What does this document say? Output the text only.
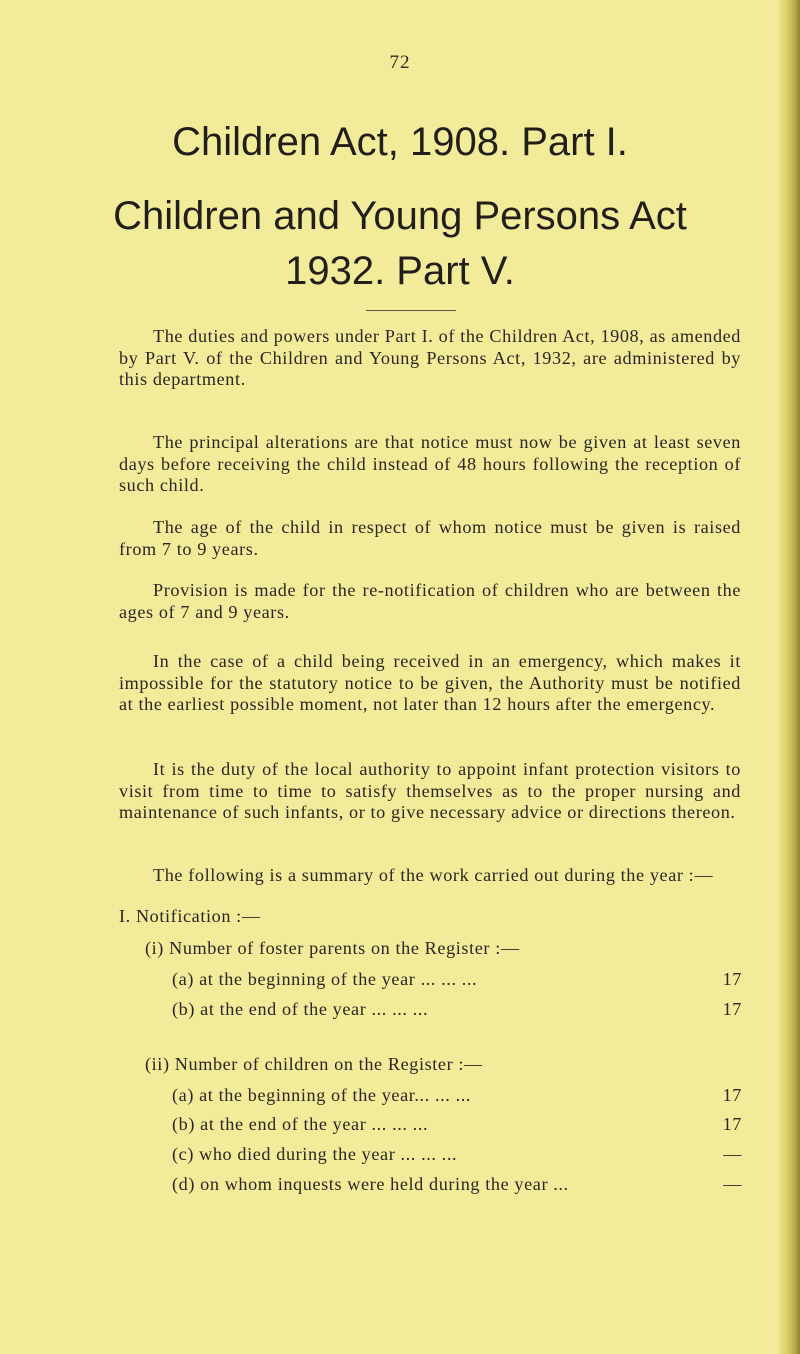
72
Children Act, 1908. Part I.
Children and Young Persons Act
1932. Part V.

The duties and powers under Part I. of the Children Act, 1908, as amended by Part V. of the Children and Young Persons Act, 1932, are administered by this department.

The principal alterations are that notice must now be given at least seven days before receiving the child instead of 48 hours following the reception of such child.

The age of the child in respect of whom notice must be given is raised from 7 to 9 years.

Provision is made for the re-notification of children who are between the ages of 7 and 9 years.

In the case of a child being received in an emergency, which makes it impossible for the statutory notice to be given, the Authority must be notified at the earliest possible moment, not later than 12 hours after the emergency.

It is the duty of the local authority to appoint infant protection visitors to visit from time to time to satisfy themselves as to the proper nursing and maintenance of such infants, or to give necessary advice or directions thereon.

The following is a summary of the work carried out during the year :—

I. Notification :—
(i) Number of foster parents on the Register :—
(a) at the beginning of the year ... ... ...	17
(b) at the end of the year ... ... ...	17
(ii) Number of children on the Register :—
(a) at the beginning of the year... ... ...	17
(b) at the end of the year ... ... ...	17
(c) who died during the year ... ... ...	—
(d) on whom inquests were held during the year ...	—
